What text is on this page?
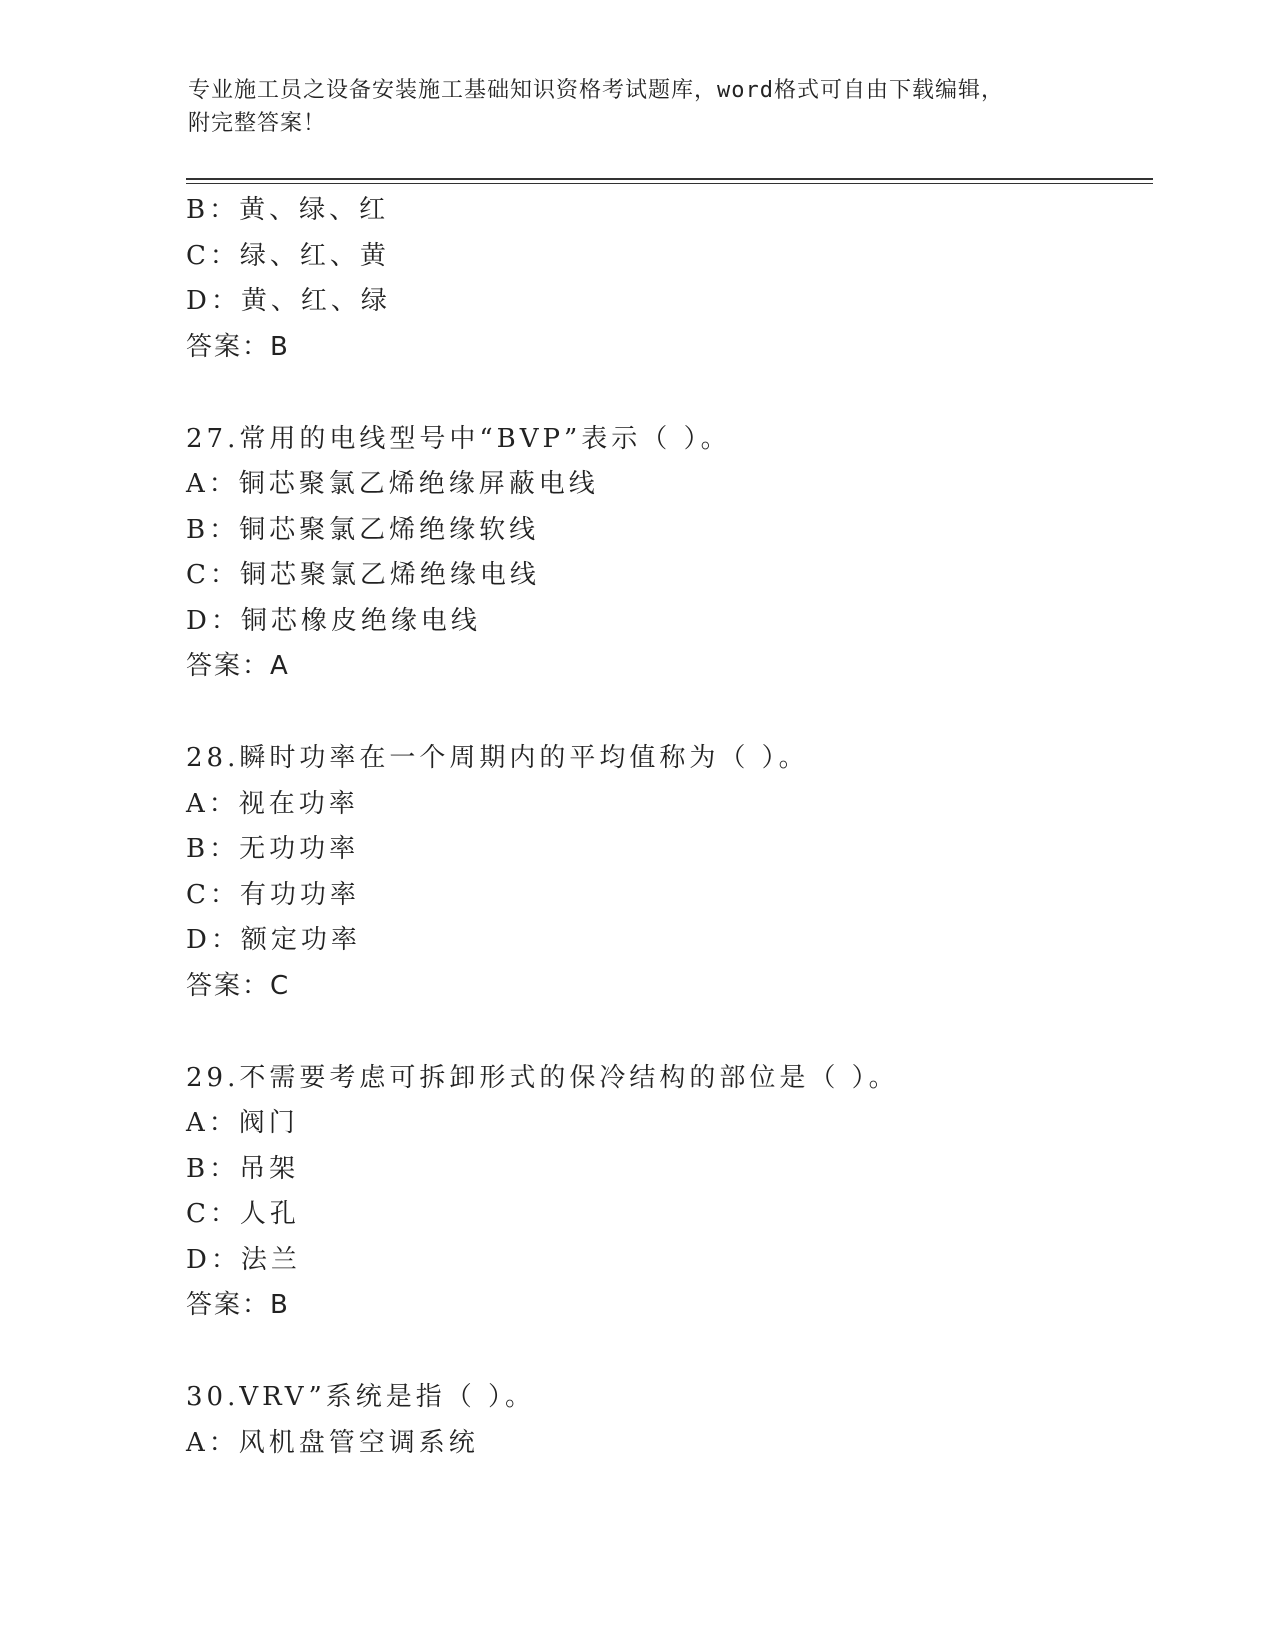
专业施工员之设备安装施工基础知识资格考试题库，word格式可自由下载编辑，
附完整答案！
B：黄、绿、红
C：绿、红、黄
D：黄、红、绿
答案：B
27.常用的电线型号中“BVP”表示（ ）。
A：铜芯聚氯乙烯绝缘屏蔽电线
B：铜芯聚氯乙烯绝缘软线
C：铜芯聚氯乙烯绝缘电线
D：铜芯橡皮绝缘电线
答案：A
28.瞬时功率在一个周期内的平均值称为（ ）。
A：视在功率
B：无功功率
C：有功功率
D：额定功率
答案：C
29.不需要考虑可拆卸形式的保冷结构的部位是（ ）。
A：阀门
B：吊架
C：人孔
D：法兰
答案：B
30.VRV”系统是指（ ）。
A：风机盘管空调系统
